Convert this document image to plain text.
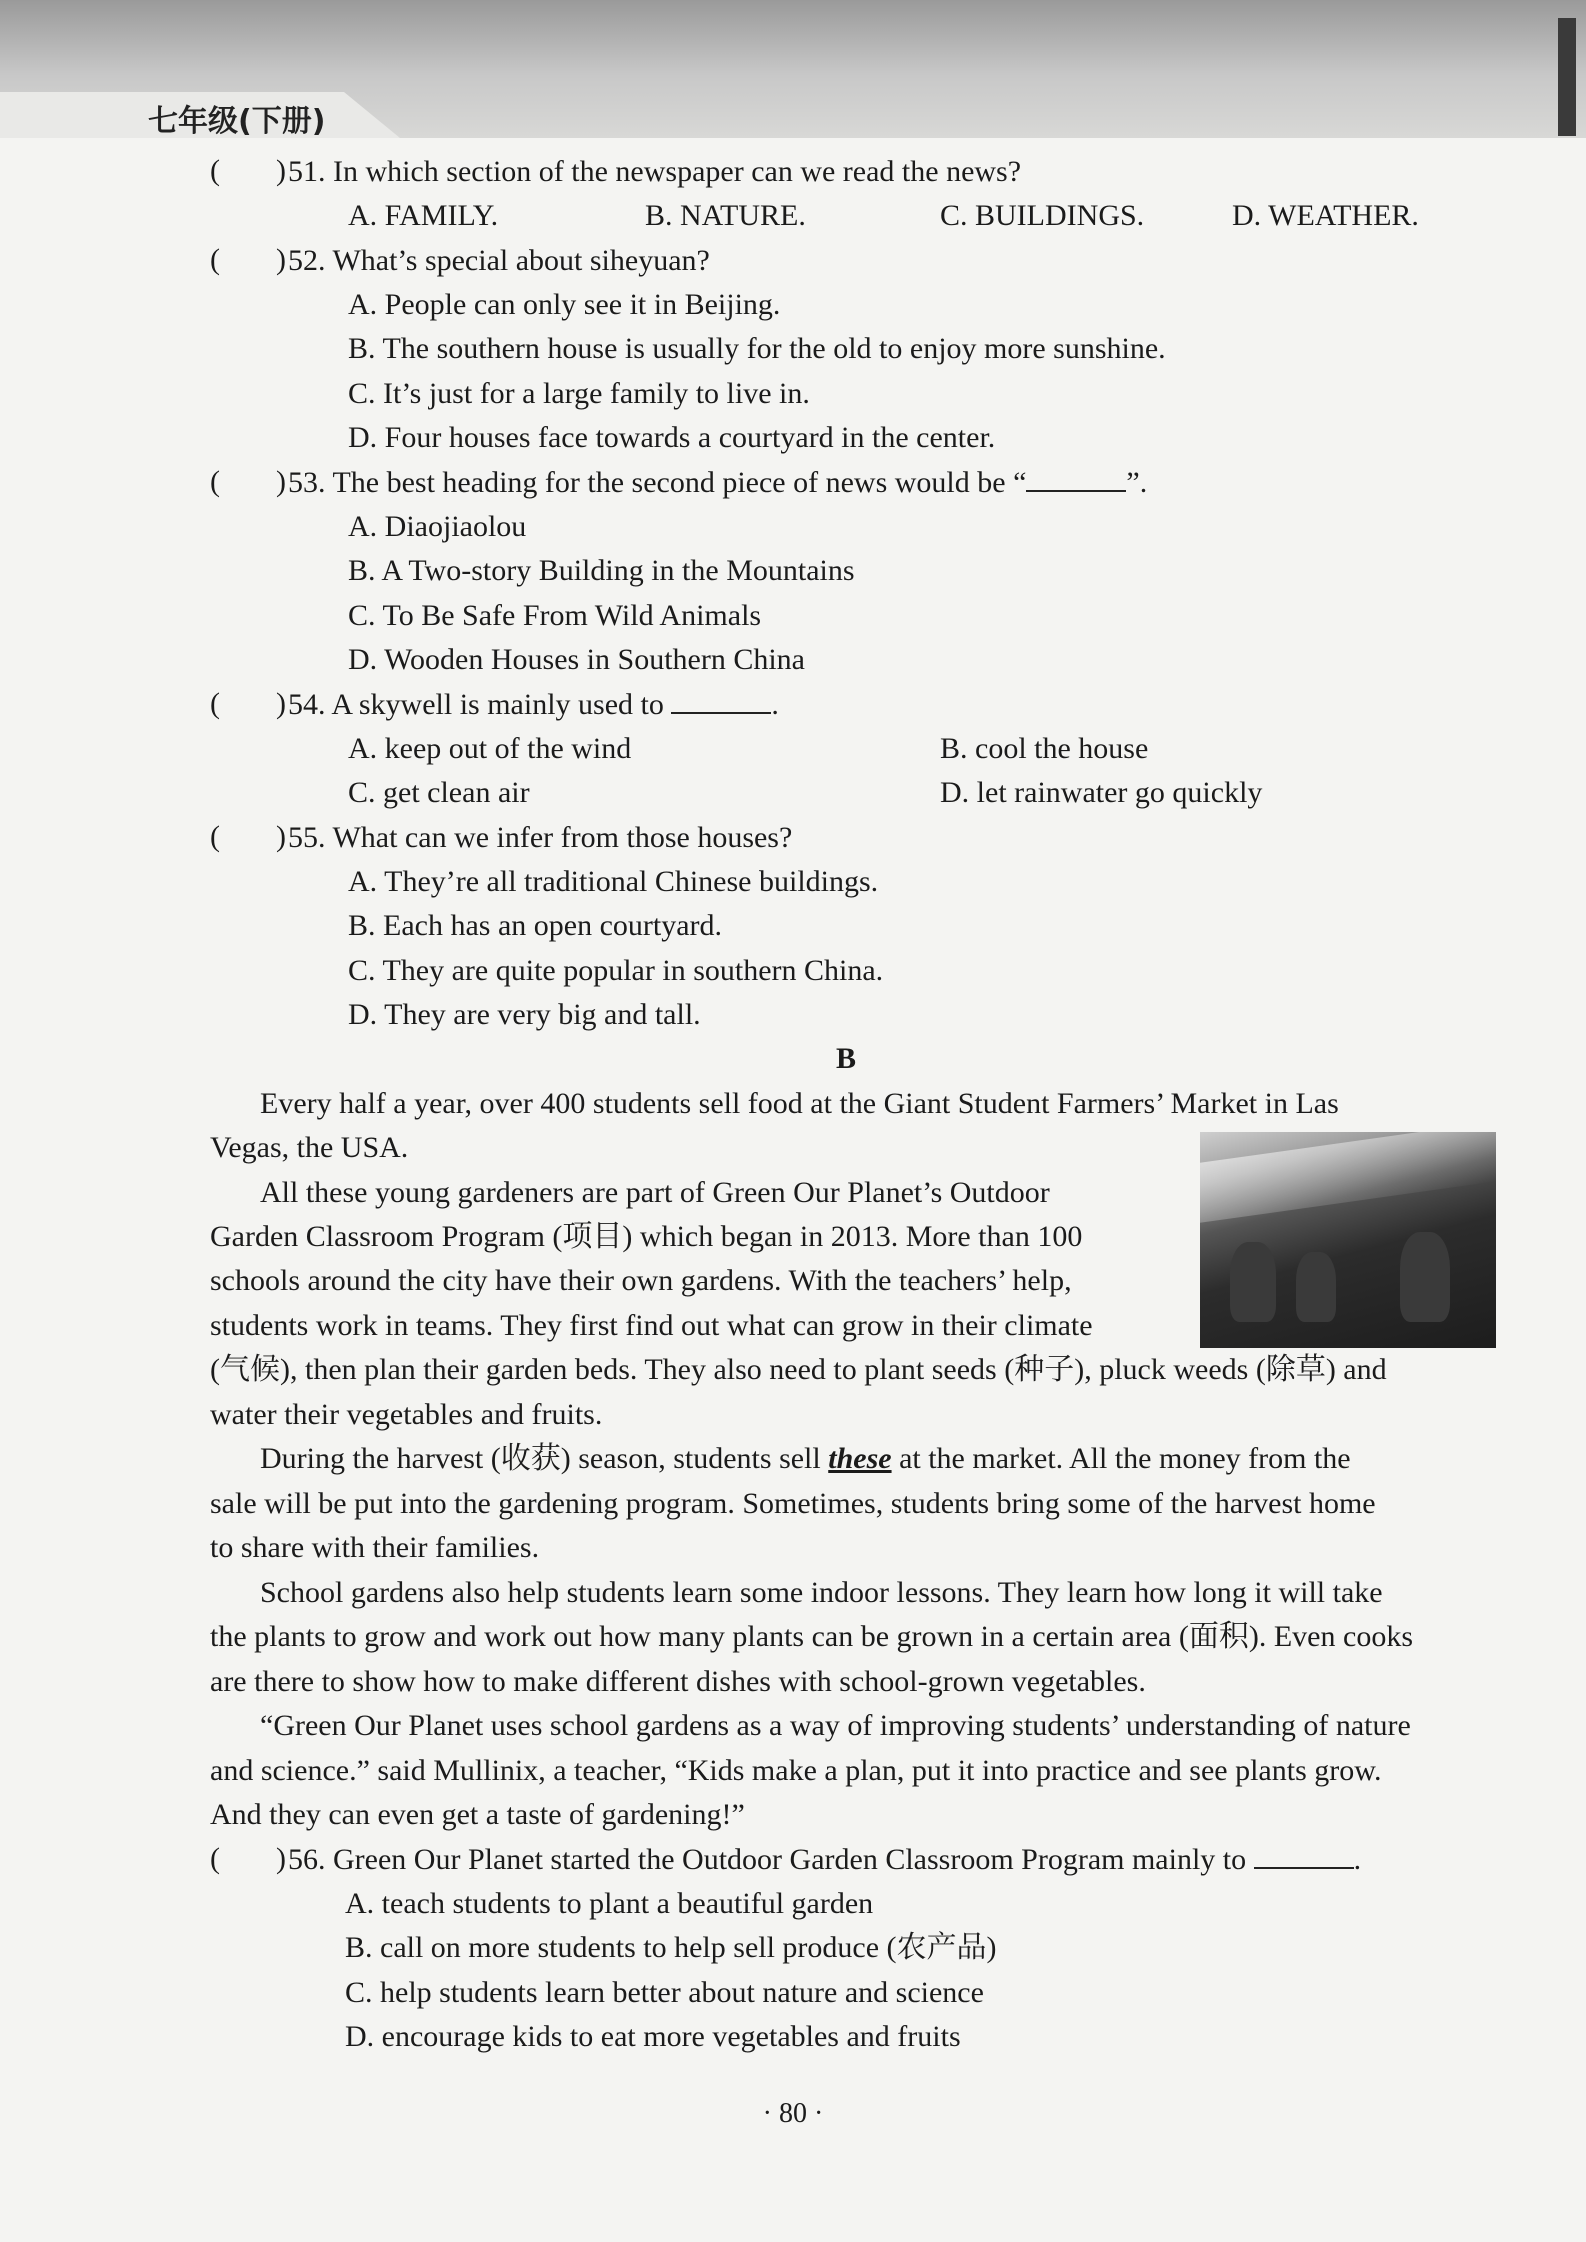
七年级(下册)
( ) 51. In which section of the newspaper can we read the news?
A. FAMILY.	B. NATURE.	C. BUILDINGS.	D. WEATHER.
( ) 52. What’s special about siheyuan?
A. People can only see it in Beijing.
B. The southern house is usually for the old to enjoy more sunshine.
C. It’s just for a large family to live in.
D. Four houses face towards a courtyard in the center.
( ) 53. The best heading for the second piece of news would be “	”.
A. Diaojiaolou
B. A Two-story Building in the Mountains
C. To Be Safe From Wild Animals
D. Wooden Houses in Southern China
( ) 54. A skywell is mainly used to	.
A. keep out of the wind	B. cool the house
C. get clean air	D. let rainwater go quickly
( ) 55. What can we infer from those houses?
A. They’re all traditional Chinese buildings.
B. Each has an open courtyard.
C. They are quite popular in southern China.
D. They are very big and tall.
B
Every half a year, over 400 students sell food at the Giant Student Farmers’ Market in Las
Vegas, the USA.
All these young gardeners are part of Green Our Planet’s Outdoor
Garden Classroom Program (项目) which began in 2013. More than 100
schools around the city have their own gardens. With the teachers’ help,
students work in teams. They first find out what can grow in their climate
(气候), then plan their garden beds. They also need to plant seeds (种子), pluck weeds (除草) and
water their vegetables and fruits.
During the harvest (收获) season, students sell these at the market. All the money from the
sale will be put into the gardening program. Sometimes, students bring some of the harvest home
to share with their families.
School gardens also help students learn some indoor lessons. They learn how long it will take
the plants to grow and work out how many plants can be grown in a certain area (面积). Even cooks
are there to show how to make different dishes with school-grown vegetables.
“Green Our Planet uses school gardens as a way of improving students’ understanding of nature
and science.” said Mullinix, a teacher, “Kids make a plan, put it into practice and see plants grow.
And they can even get a taste of gardening!”
( ) 56. Green Our Planet started the Outdoor Garden Classroom Program mainly to	.
A. teach students to plant a beautiful garden
B. call on more students to help sell produce (农产品)
C. help students learn better about nature and science
D. encourage kids to eat more vegetables and fruits
· 80 ·
